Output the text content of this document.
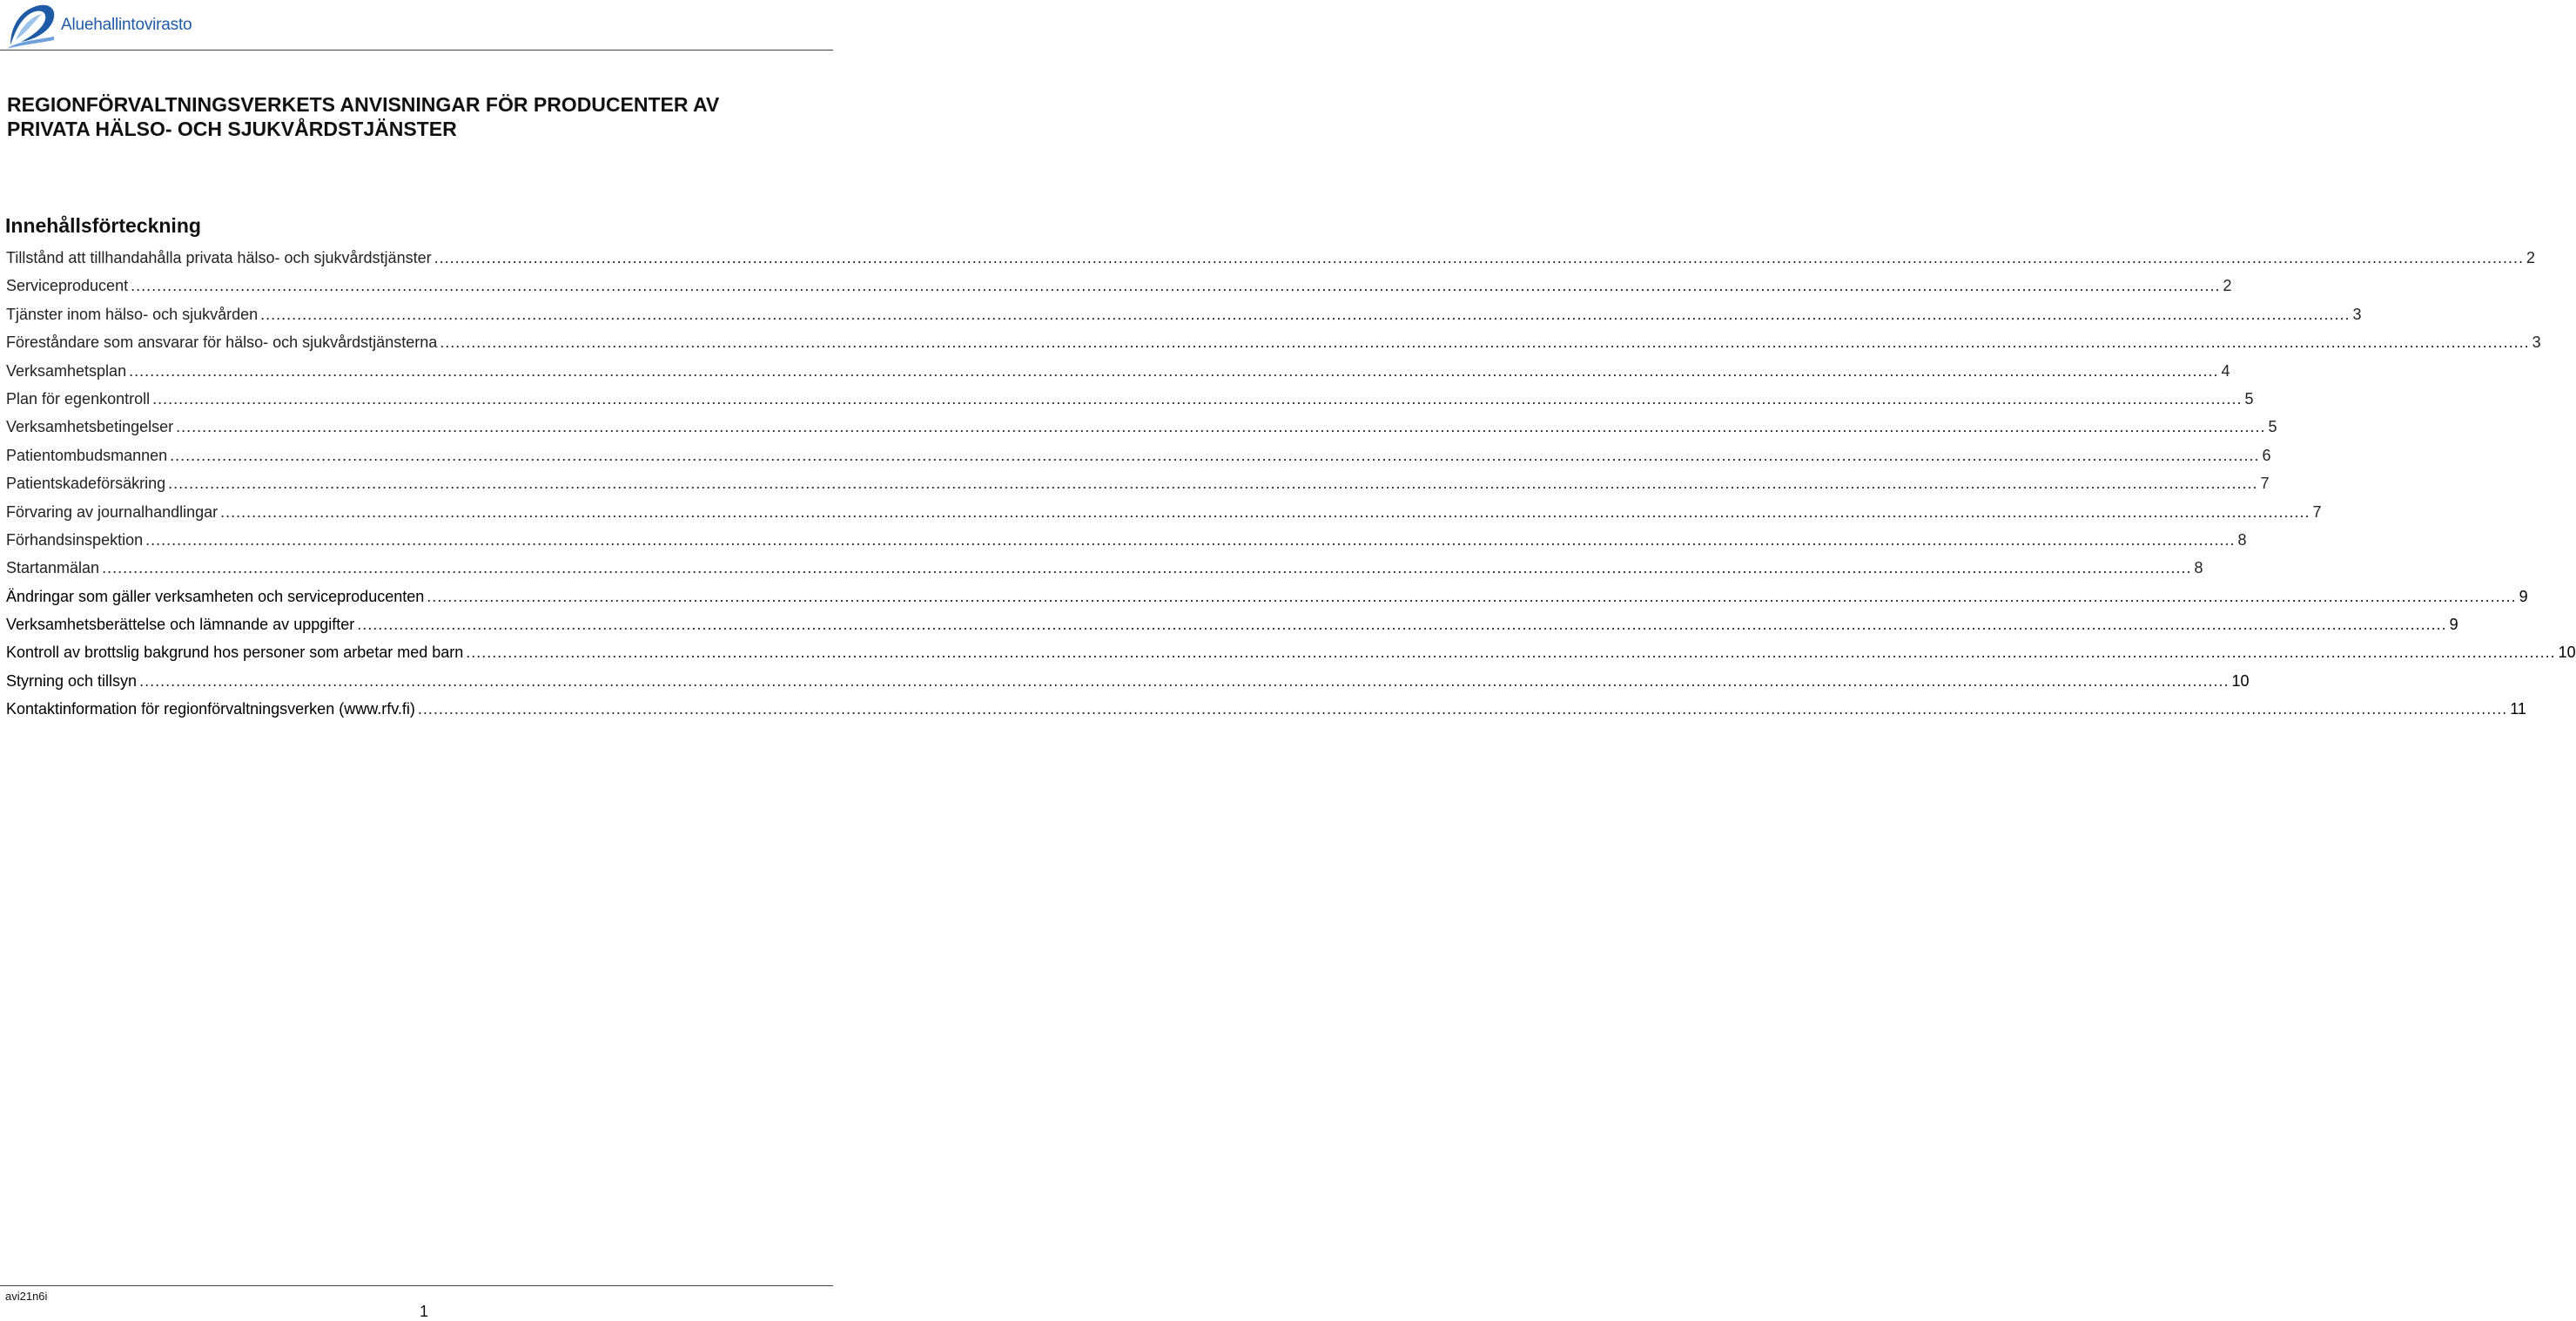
Aluehallintovirasto
REGIONFÖRVALTNINGSVERKETS ANVISNINGAR FÖR PRODUCENTER AV
PRIVATA HÄLSO- OCH SJUKVÅRDSTJÄNSTER
Innehållsförteckning
Tillstånd att tillhandahålla privata hälso- och sjukvårdstjänster ................................................................................................................................................................................................................................................................................................................................................................................................................ 2
Serviceproducent ................................................................................................................................................................................................................................................................................................................................................................................................................ 2
Tjänster inom hälso- och sjukvården ................................................................................................................................................................................................................................................................................................................................................................................................................ 3
Föreståndare som ansvarar för hälso- och sjukvårdstjänsterna ................................................................................................................................................................................................................................................................................................................................................................................................................ 3
Verksamhetsplan ................................................................................................................................................................................................................................................................................................................................................................................................................ 4
Plan för egenkontroll ................................................................................................................................................................................................................................................................................................................................................................................................................ 5
Verksamhetsbetingelser ................................................................................................................................................................................................................................................................................................................................................................................................................ 5
Patientombudsmannen ................................................................................................................................................................................................................................................................................................................................................................................................................ 6
Patientskadeförsäkring ................................................................................................................................................................................................................................................................................................................................................................................................................ 7
Förvaring av journalhandlingar ................................................................................................................................................................................................................................................................................................................................................................................................................ 7
Förhandsinspektion ................................................................................................................................................................................................................................................................................................................................................................................................................ 8
Startanmälan ................................................................................................................................................................................................................................................................................................................................................................................................................ 8
Ändringar som gäller verksamheten och serviceproducenten ................................................................................................................................................................................................................................................................................................................................................................................................................ 9
Verksamhetsberättelse och lämnande av uppgifter ................................................................................................................................................................................................................................................................................................................................................................................................................ 9
Kontroll av brottslig bakgrund hos personer som arbetar med barn ................................................................................................................................................................................................................................................................................................................................................................................................................ 10
Styrning och tillsyn ................................................................................................................................................................................................................................................................................................................................................................................................................ 10
Kontaktinformation för regionförvaltningsverken (www.rfv.fi) ................................................................................................................................................................................................................................................................................................................................................................................................................ 11
avi21n6i
1
